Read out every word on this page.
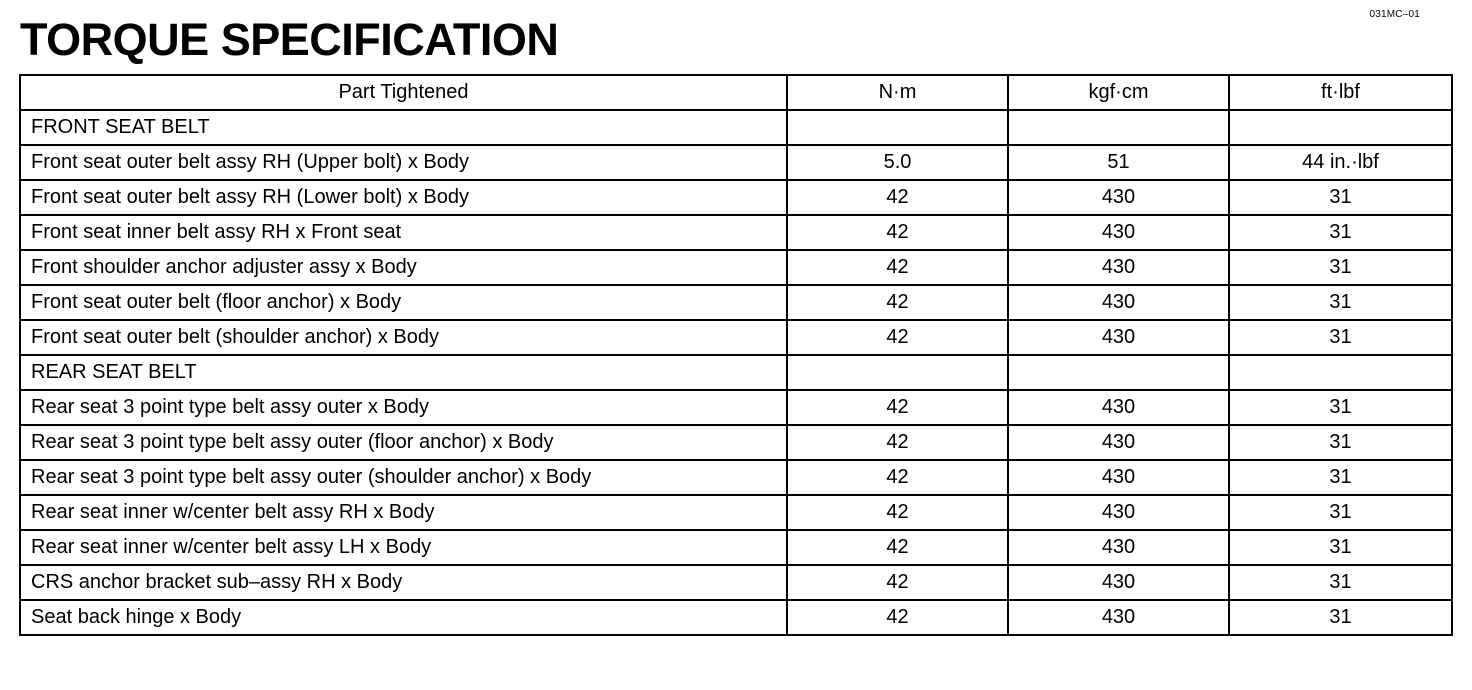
031MC–01
TORQUE SPECIFICATION
Part Tightened	N·m	kgf·cm	ft·lbf
FRONT SEAT BELT			
Front seat outer belt assy RH (Upper bolt) x Body	5.0	51	44 in.·lbf
Front seat outer belt assy RH (Lower bolt) x Body	42	430	31
Front seat inner belt assy RH x Front seat	42	430	31
Front shoulder anchor adjuster assy x Body	42	430	31
Front seat outer belt (floor anchor) x Body	42	430	31
Front seat outer belt (shoulder anchor) x Body	42	430	31
REAR SEAT BELT			
Rear seat 3 point type belt assy outer x Body	42	430	31
Rear seat 3 point type belt assy outer (floor anchor) x Body	42	430	31
Rear seat 3 point type belt assy outer (shoulder anchor) x Body	42	430	31
Rear seat inner w/center belt assy RH x Body	42	430	31
Rear seat inner w/center belt assy LH x Body	42	430	31
CRS anchor bracket sub–assy RH x Body	42	430	31
Seat back hinge x Body	42	430	31
